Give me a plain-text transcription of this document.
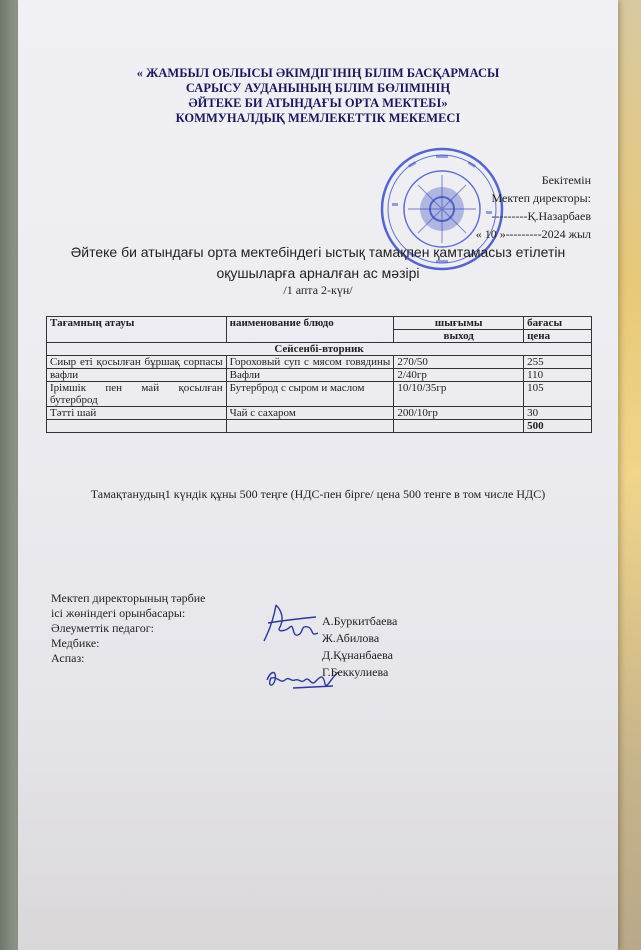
« ЖАМБЫЛ ОБЛЫСЫ ӘКІМДІГІНІҢ БІЛІМ БАСҚАРМАСЫ
САРЫСУ АУДАНЫНЫҢ БІЛІМ БӨЛІМІНІҢ
ӘЙТЕКЕ БИ АТЫНДАҒЫ ОРТА МЕКТЕБІ»
КОММУНАЛДЫҚ МЕМЛЕКЕТТІК МЕКЕМЕСІ
Бекітемін
Мектеп директоры:
---------Қ.Назарбаев
« 10 »---------2024 жыл
Әйтеке би атындағы орта мектебіндегі ыстық тамақпен қамтамасыз етілетін
оқушыларға арналған ас мәзірі
/1 апта 2-күн/
Тағамның атауы	наименование блюдо	шығымы	бағасы
		выход	цена
Сейсенбі-вторник			

Сиыр еті қосылған бұршақ сорпасы	Гороховый суп с мясом говядины	270/50	255
вафли	Вафли	2/40гр	110

Ірімшік пен май қосылған бутерброд	Бутерброд с сыром и маслом	10/10/35гр	105
Тәтті шай	Чай с сахаром	200/10гр	30
			500
Тамақтанудың1 күндік құны 500 теңге (НДС-пен бірге/ цена 500 тенге в том числе НДС)
Мектеп директорының тәрбие
ісі жөніндегі орынбасары:
Әлеуметтік педагог:
Медбике:
Аспаз:
А.Буркитбаева
Ж.Абилова
Д.Құнанбаева
Г.Беккулиева
